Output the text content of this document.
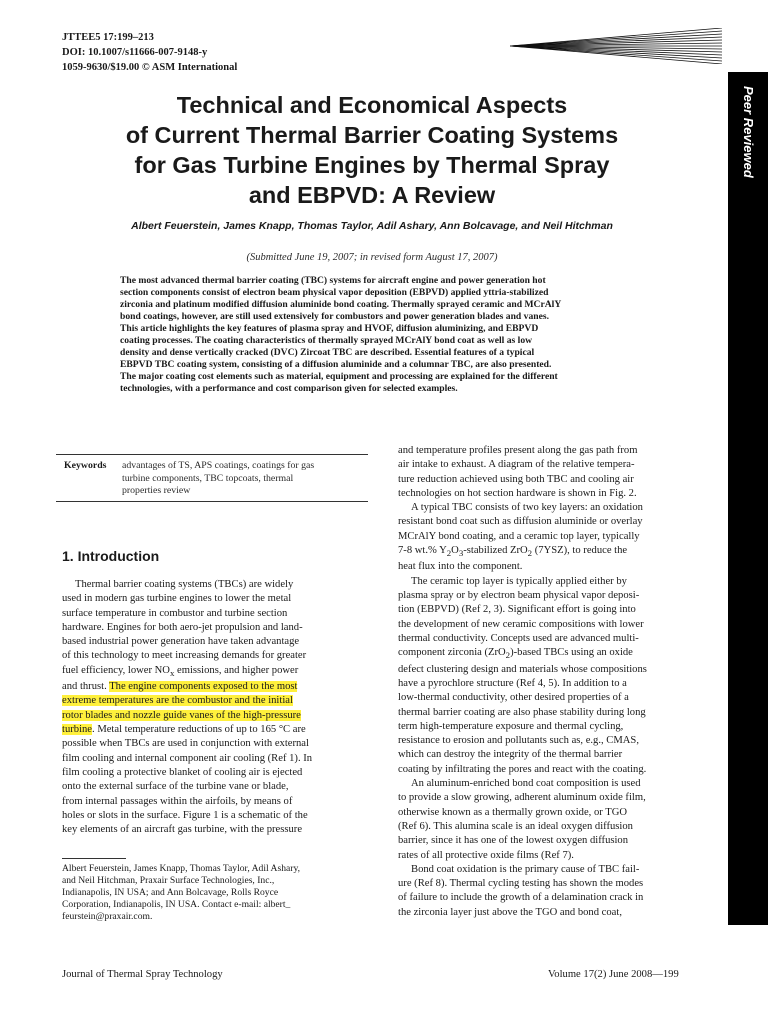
JTTEE5 17:199–213
DOI: 10.1007/s11666-007-9148-y
1059-9630/$19.00 © ASM International
Peer Reviewed
Technical and Economical Aspects
of Current Thermal Barrier Coating Systems
for Gas Turbine Engines by Thermal Spray
and EBPVD: A Review
Albert Feuerstein, James Knapp, Thomas Taylor, Adil Ashary, Ann Bolcavage, and Neil Hitchman
(Submitted June 19, 2007; in revised form August 17, 2007)
The most advanced thermal barrier coating (TBC) systems for aircraft engine and power generation hot
section components consist of electron beam physical vapor deposition (EBPVD) applied yttria-stabilized
zirconia and platinum modified diffusion aluminide bond coating. Thermally sprayed ceramic and MCrAlY
bond coatings, however, are still used extensively for combustors and power generation blades and vanes.
This article highlights the key features of plasma spray and HVOF, diffusion aluminizing, and EBPVD
coating processes. The coating characteristics of thermally sprayed MCrAlY bond coat as well as low
density and dense vertically cracked (DVC) Zircoat TBC are described. Essential features of a typical
EBPVD TBC coating system, consisting of a diffusion aluminide and a columnar TBC, are also presented.
The major coating cost elements such as material, equipment and processing are explained for the different
technologies, with a performance and cost comparison given for selected examples.
Keywords advantages of TS, APS coatings, coatings for gas
turbine components, TBC topcoats, thermal
properties review
1. Introduction
Thermal barrier coating systems (TBCs) are widely
used in modern gas turbine engines to lower the metal
surface temperature in combustor and turbine section
hardware. Engines for both aero-jet propulsion and land-
based industrial power generation have taken advantage
of this technology to meet increasing demands for greater
fuel efficiency, lower $NO_x$ emissions, and higher power
and thrust. The engine components exposed to the most
extreme temperatures are the combustor and the initial
rotor blades and nozzle guide vanes of the high-pressure
turbine. Metal temperature reductions of up to 165 °C are
possible when TBCs are used in conjunction with external
film cooling and internal component air cooling (Ref 1). In
film cooling a protective blanket of cooling air is ejected
onto the external surface of the turbine vane or blade,
from internal passages within the airfoils, by means of
holes or slots in the surface. Figure 1 is a schematic of the
key elements of an aircraft gas turbine, with the pressure
Albert Feuerstein, James Knapp, Thomas Taylor, Adil Ashary,
and Neil Hitchman, Praxair Surface Technologies, Inc.,
Indianapolis, IN USA; and Ann Bolcavage, Rolls Royce
Corporation, Indianapolis, IN USA. Contact e-mail: albert_
feurstein@praxair.com.
and temperature profiles present along the gas path from
air intake to exhaust. A diagram of the relative tempera-
ture reduction achieved using both TBC and cooling air
technologies on hot section hardware is shown in Fig. 2.
A typical TBC consists of two key layers: an oxidation
resistant bond coat such as diffusion aluminide or overlay
MCrAlY bond coating, and a ceramic top layer, typically
7-8 wt.% $Y_2O_3$-stabilized ZrO$_2$ (7YSZ), to reduce the
heat flux into the component.
The ceramic top layer is typically applied either by
plasma spray or by electron beam physical vapor deposi-
tion (EBPVD) (Ref 2, 3). Significant effort is going into
the development of new ceramic compositions with lower
thermal conductivity. Concepts used are advanced multi-
component zirconia (ZrO$_2$)-based TBCs using an oxide
defect clustering design and materials whose compositions
have a pyrochlore structure (Ref 4, 5). In addition to a
low-thermal conductivity, other desired properties of a
thermal barrier coating are also phase stability during long
term high-temperature exposure and thermal cycling,
resistance to erosion and pollutants such as, e.g., CMAS,
which can destroy the integrity of the thermal barrier
coating by infiltrating the pores and react with the coating.
An aluminum-enriched bond coat composition is used
to provide a slow growing, adherent aluminum oxide film,
otherwise known as a thermally grown oxide, or TGO
(Ref 6). This alumina scale is an ideal oxygen diffusion
barrier, since it has one of the lowest oxygen diffusion
rates of all protective oxide films (Ref 7).
Bond coat oxidation is the primary cause of TBC fail-
ure (Ref 8). Thermal cycling testing has shown the modes
of failure to include the growth of a delamination crack in
the zirconia layer just above the TGO and bond coat,
Journal of Thermal Spray Technology	Volume 17(2) June 2008—199
